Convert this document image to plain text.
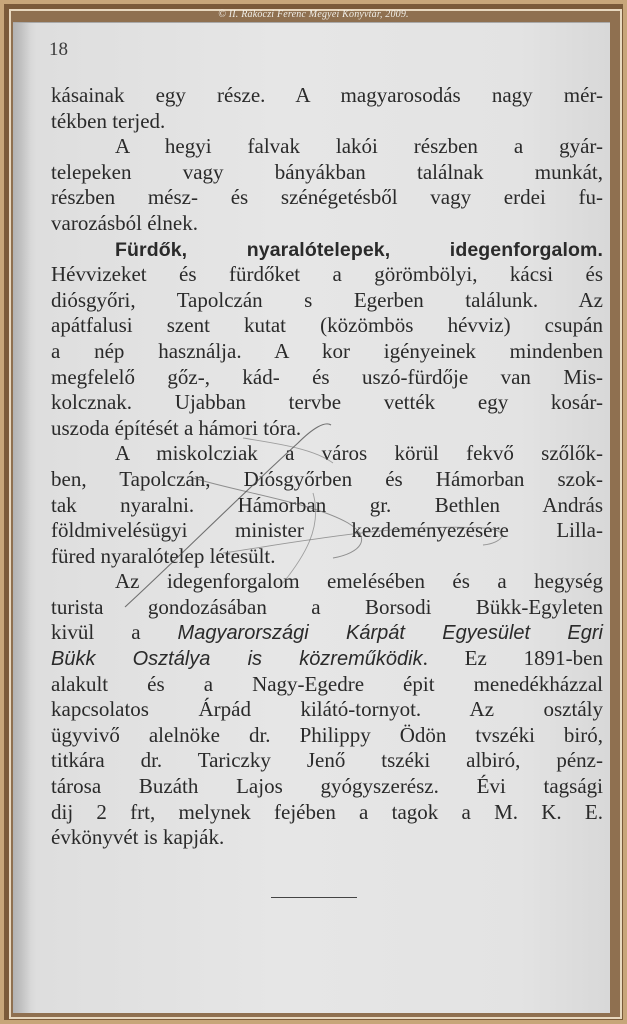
© II. Rákóczi Ferenc Megyei Könyvtár, 2009.
18
kásainak egy része. A magyarosodás nagy mér-
tékben terjed.
A hegyi falvak lakói részben a gyár-
telepeken vagy bányákban találnak munkát,
részben mész- és szénégetésből vagy erdei fu-
varozásból élnek.
Fürdők, nyaralótelepek, idegenforgalom.
Hévvizeket és fürdőket a görömbölyi, kácsi és
diósgyőri, Tapolczán s Egerben találunk. Az
apátfalusi szent kutat (közömbös hévviz) csupán
a nép használja. A kor igényeinek mindenben
megfelelő gőz-, kád- és uszó-fürdője van Mis-
kolcznak. Ujabban tervbe vették egy kosár-
uszoda építését a hámori tóra.
A miskolcziak a város körül fekvő szőlők-
ben, Tapolczán, Diósgyőrben és Hámorban szok-
tak nyaralni. Hámorban gr. Bethlen András
földmivelésügyi minister kezdeményezésére Lilla-
füred nyaralótelep létesült.
Az idegenforgalom emelésében és a hegység
turista gondozásában a Borsodi Bükk-Egyleten
kivül a Magyarországi Kárpát Egyesület Egri
Bükk Osztálya is közreműködik. Ez 1891-ben
alakult és a Nagy-Egedre épit menedékházzal
kapcsolatos Árpád kilátó-tornyot. Az osztály
ügyvivő alelnöke dr. Philippy Ödön tvszéki biró,
titkára dr. Tariczky Jenő tszéki albiró, pénz-
tárosa Buzáth Lajos gyógyszerész. Évi tagsági
dij 2 frt, melynek fejében a tagok a M. K. E.
évkönyvét is kapják.
